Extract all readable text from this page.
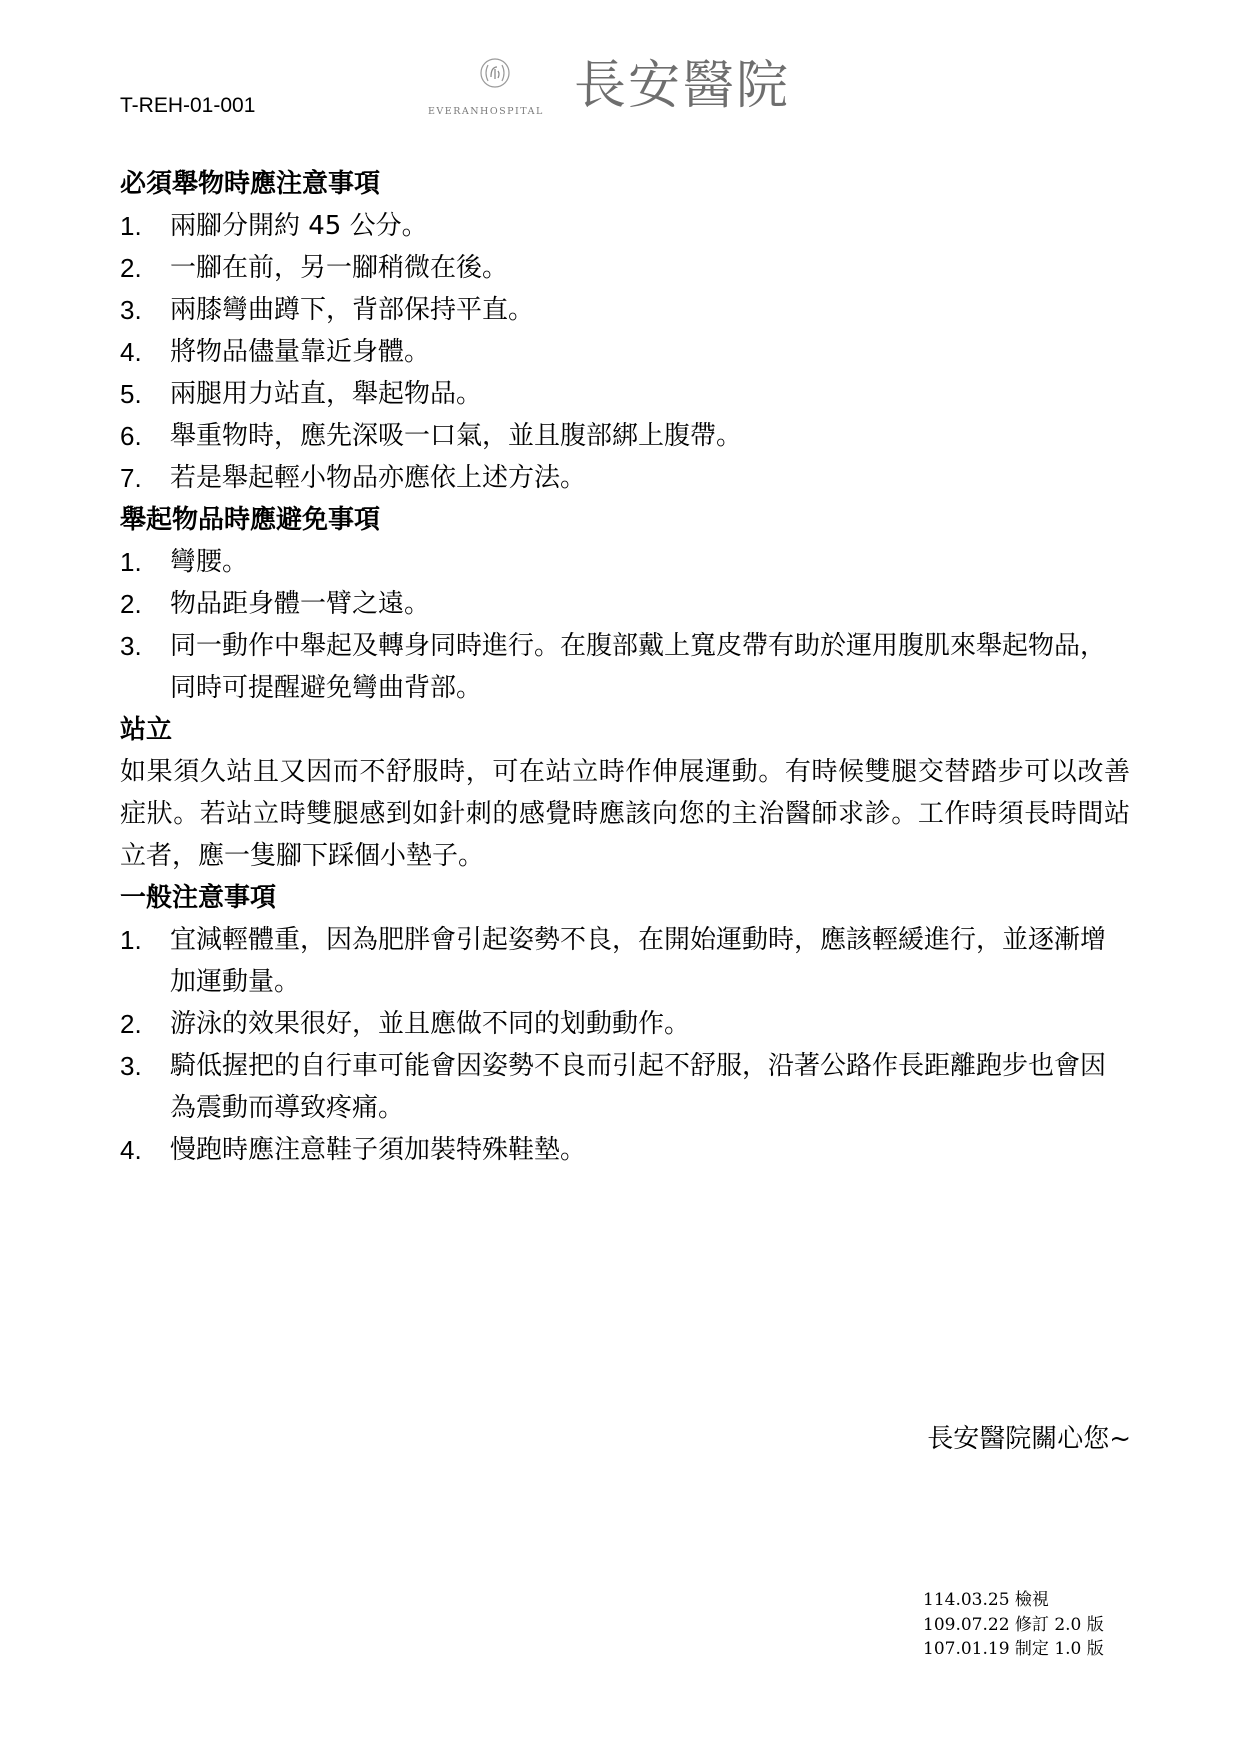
T-REH-01-001	EVERANHOSPITAL 長安醫院
必須舉物時應注意事項
1. 兩腳分開約 45 公分。
2. 一腳在前，另一腳稍微在後。
3. 兩膝彎曲蹲下，背部保持平直。
4. 將物品儘量靠近身體。
5. 兩腿用力站直，舉起物品。
6. 舉重物時，應先深吸一口氣，並且腹部綁上腹帶。
7. 若是舉起輕小物品亦應依上述方法。
舉起物品時應避免事項
1. 彎腰。
2. 物品距身體一臂之遠。
3. 同一動作中舉起及轉身同時進行。在腹部戴上寬皮帶有助於運用腹肌來舉起物品，同時可提醒避免彎曲背部。
站立

如果須久站且又因而不舒服時，可在站立時作伸展運動。有時候雙腿交替踏步可以改善症狀。若站立時雙腿感到如針刺的感覺時應該向您的主治醫師求診。工作時須長時間站立者，應一隻腳下踩個小墊子。

一般注意事項
1. 宜減輕體重，因為肥胖會引起姿勢不良，在開始運動時，應該輕緩進行，並逐漸增加運動量。
2. 游泳的效果很好，並且應做不同的划動動作。
3. 騎低握把的自行車可能會因姿勢不良而引起不舒服，沿著公路作長距離跑步也會因為震動而導致疼痛。
4. 慢跑時應注意鞋子須加裝特殊鞋墊。
長安醫院關心您~
114.03.25 檢視
109.07.22 修訂 2.0 版
107.01.19 制定 1.0 版
